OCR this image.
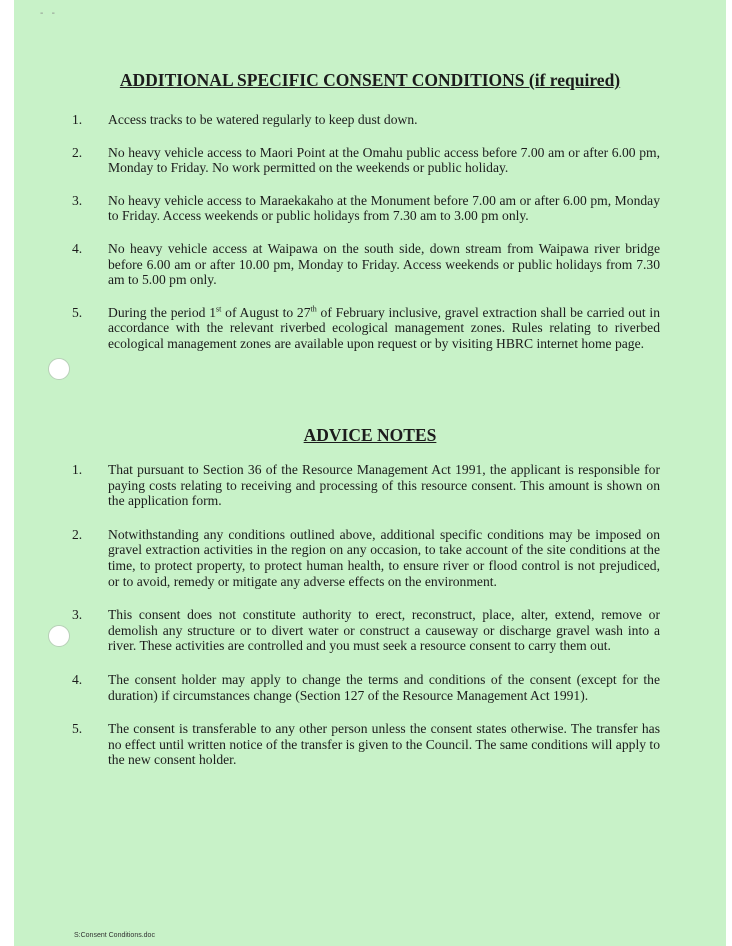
-   -
ADDITIONAL SPECIFIC CONSENT CONDITIONS (if required)
1. Access tracks to be watered regularly to keep dust down.
2. No heavy vehicle access to Maori Point at the Omahu public access before 7.00 am or after 6.00 pm, Monday to Friday. No work permitted on the weekends or public holiday.
3. No heavy vehicle access to Maraekakaho at the Monument before 7.00 am or after 6.00 pm, Monday to Friday. Access weekends or public holidays from 7.30 am to 3.00 pm only.
4. No heavy vehicle access at Waipawa on the south side, down stream from Waipawa river bridge before 6.00 am or after 10.00 pm, Monday to Friday. Access weekends or public holidays from 7.30 am to 5.00 pm only.
5. During the period 1st of August to 27th of February inclusive, gravel extraction shall be carried out in accordance with the relevant riverbed ecological management zones. Rules relating to riverbed ecological management zones are available upon request or by visiting HBRC internet home page.
ADVICE NOTES
1. That pursuant to Section 36 of the Resource Management Act 1991, the applicant is responsible for paying costs relating to receiving and processing of this resource consent. This amount is shown on the application form.
2. Notwithstanding any conditions outlined above, additional specific conditions may be imposed on gravel extraction activities in the region on any occasion, to take account of the site conditions at the time, to protect property, to protect human health, to ensure river or flood control is not prejudiced, or to avoid, remedy or mitigate any adverse effects on the environment.
3. This consent does not constitute authority to erect, reconstruct, place, alter, extend, remove or demolish any structure or to divert water or construct a causeway or discharge gravel wash into a river. These activities are controlled and you must seek a resource consent to carry them out.
4. The consent holder may apply to change the terms and conditions of the consent (except for the duration) if circumstances change (Section 127 of the Resource Management Act 1991).
5. The consent is transferable to any other person unless the consent states otherwise. The transfer has no effect until written notice of the transfer is given to the Council. The same conditions will apply to the new consent holder.
S:Consent Conditions.doc
